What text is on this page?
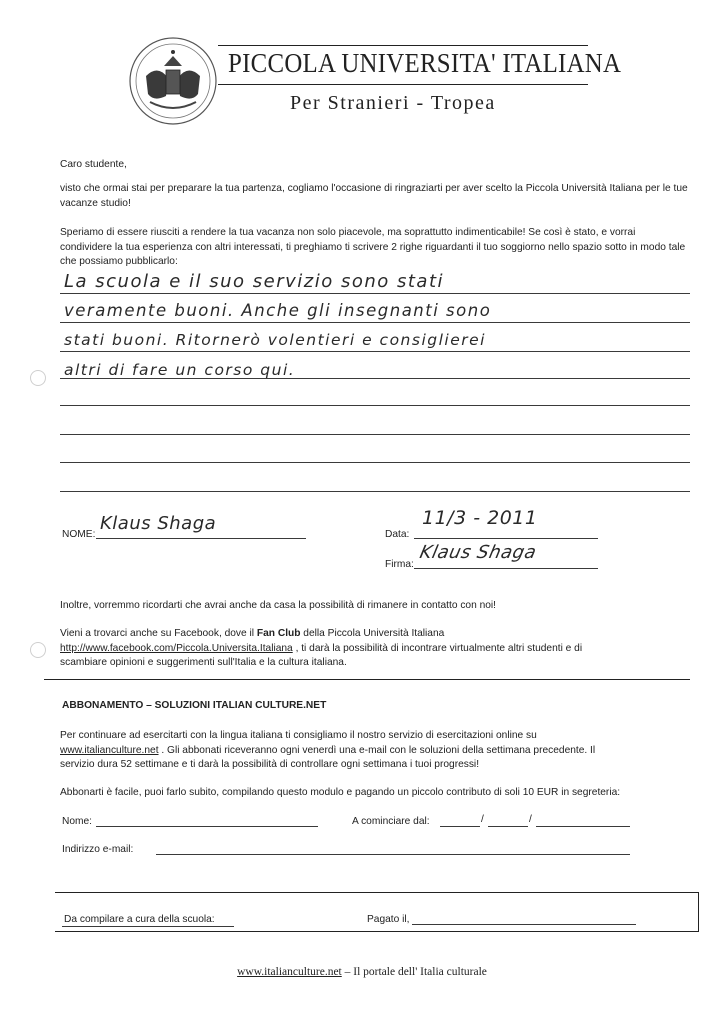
PICCOLA UNIVERSITA' ITALIANA
Per Stranieri - Tropea
Caro studente,
visto che ormai stai per preparare la tua partenza, cogliamo l'occasione di ringraziarti per aver scelto la Piccola Università Italiana per le tue vacanze studio!
Speriamo di essere riusciti a rendere la tua vacanza non solo piacevole, ma soprattutto indimenticabile! Se così è stato, e vorrai condividere la tua esperienza con altri interessati, ti preghiamo ti scrivere 2 righe riguardanti il tuo soggiorno nello spazio sotto in modo tale che possiamo pubblicarlo:
La scuola e il suo servizio sono stati
veramente buoni. Anche gli insegnanti sono
stati buoni. Ritornerò volentieri e consiglierei
altri di fare un corso qui.
NOME:
Klaus Shaga
Data:
11/3 - 2011
Firma:
Klaus Shaga
Inoltre, vorremmo ricordarti che avrai anche da casa la possibilità di rimanere in contatto con noi!
Vieni a trovarci anche su Facebook, dove il Fan Club della Piccola Università Italiana
http://www.facebook.com/Piccola.Universita.Italiana , ti darà la possibilità di incontrare virtualmente altri studenti e di
scambiare opinioni e suggerimenti sull'Italia e la cultura italiana.
ABBONAMENTO – SOLUZIONI ITALIAN CULTURE.NET
Per continuare ad esercitarti con la lingua italiana ti consigliamo il nostro servizio di esercitazioni online su
www.italianculture.net . Gli abbonati riceveranno ogni venerdì una e-mail con le soluzioni della settimana precedente. Il
servizio dura 52 settimane e ti darà la possibilità di controllare ogni settimana i tuoi progressi!
Abbonarti è facile, puoi farlo subito, compilando questo modulo e pagando un piccolo contributo di soli 10 EUR in segreteria:
Nome:	A cominciare dal:	/	/
Indirizzo e-mail:
Da compilare a cura della scuola:	Pagato il,
www.italianculture.net – Il portale dell' Italia culturale
